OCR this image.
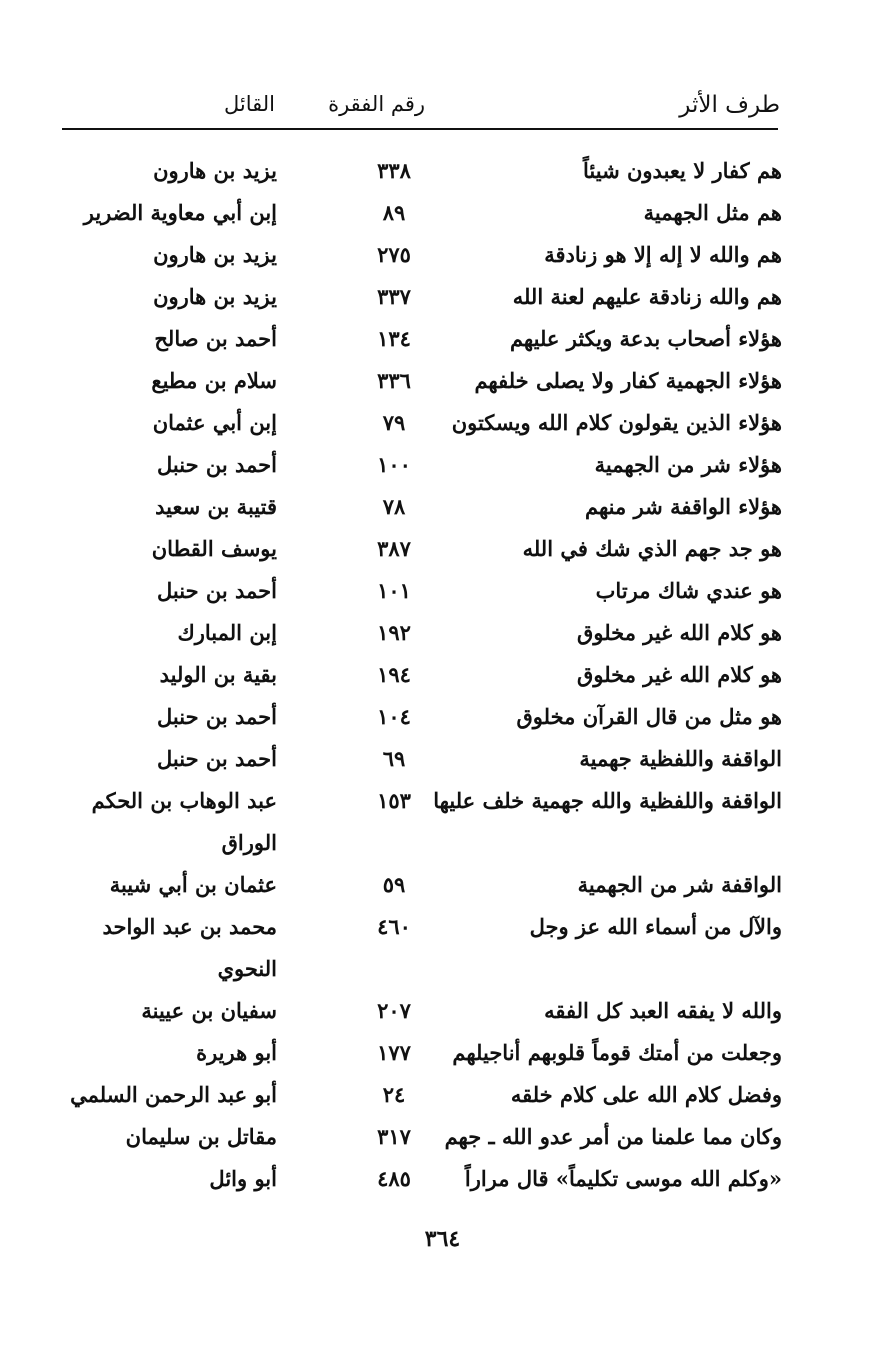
طرف الأثر
رقم الفقرة
القائل
هم كفار لا يعبدون شيئاً
٣٣٨
يزيد بن هارون
هم مثل الجهمية
٨٩
إبن أبي معاوية الضرير
هم والله لا إله إلا هو زنادقة
٢٧٥
يزيد بن هارون
هم والله زنادقة عليهم لعنة الله
٣٣٧
يزيد بن هارون
هؤلاء أصحاب بدعة ويكثر عليهم
١٣٤
أحمد بن صالح
هؤلاء الجهمية كفار ولا يصلى خلفهم
٣٣٦
سلام بن مطيع
هؤلاء الذين يقولون كلام الله ويسكتون
٧٩
إبن أبي عثمان
هؤلاء شر من الجهمية
١٠٠
أحمد بن حنبل
هؤلاء الواقفة شر منهم
٧٨
قتيبة بن سعيد
هو جد جهم الذي شك في الله
٣٨٧
يوسف القطان
هو عندي شاك مرتاب
١٠١
أحمد بن حنبل
هو كلام الله غير مخلوق
١٩٢
إبن المبارك
هو كلام الله غير مخلوق
١٩٤
بقية بن الوليد
هو مثل من قال القرآن مخلوق
١٠٤
أحمد بن حنبل
الواقفة واللفظية جهمية
٦٩
أحمد بن حنبل
الواقفة واللفظية والله جهمية خلف عليها
١٥٣
عبد الوهاب بن الحكم الوراق
الواقفة شر من الجهمية
٥٩
عثمان بن أبي شيبة
والآل من أسماء الله عز وجل
٤٦٠
محمد بن عبد الواحد النحوي
والله لا يفقه العبد كل الفقه
٢٠٧
سفيان بن عيينة
وجعلت من أمتك قوماً قلوبهم أناجيلهم
١٧٧
أبو هريرة
وفضل كلام الله على كلام خلقه
٢٤
أبو عبد الرحمن السلمي
وكان مما علمنا من أمر عدو الله ـ جهم
٣١٧
مقاتل بن سليمان
«وكلم الله موسى تكليماً» قال مراراً
٤٨٥
أبو وائل
٣٦٤
